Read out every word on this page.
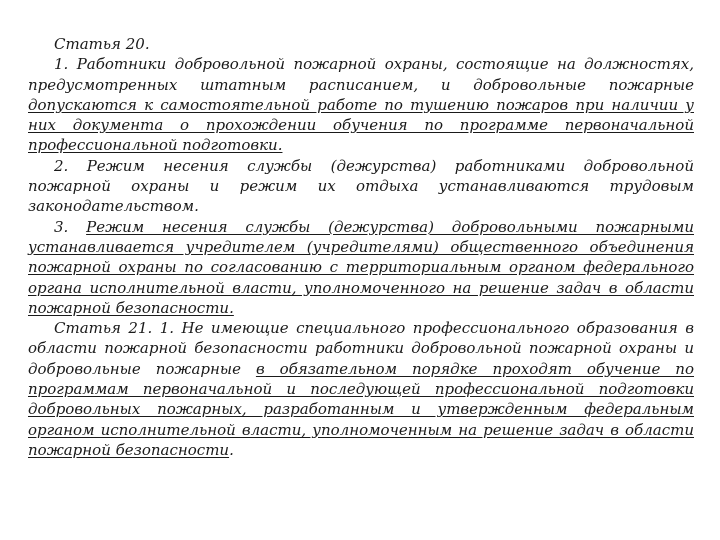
Статья 20.

1. Работники добровольной пожарной охраны, состоящие на должностях, предусмотренных штатным расписанием, и добровольные пожарные допускаются к самостоятельной работе по тушению пожаров при наличии у них документа о прохождении обучения по программе первоначальной профессиональной подготовки.

2. Режим несения службы (дежурства) работниками добровольной пожарной охраны и режим их отдыха устанавливаются трудовым законодательством.

3. Режим несения службы (дежурства) добровольными пожарными устанавливается учредителем (учредителями) общественного объединения пожарной охраны по согласованию с территориальным органом федерального органа исполнительной власти, уполномоченного на решение задач в области пожарной безопасности.

Статья 21. 1. Не имеющие специального профессионального образования в области пожарной безопасности работники добровольной пожарной охраны и добровольные пожарные в обязательном порядке проходят обучение по программам первоначальной и последующей профессиональной подготовки добровольных пожарных, разработанным и утвержденным федеральным органом исполнительной власти, уполномоченным на решение задач в области пожарной безопасности.
